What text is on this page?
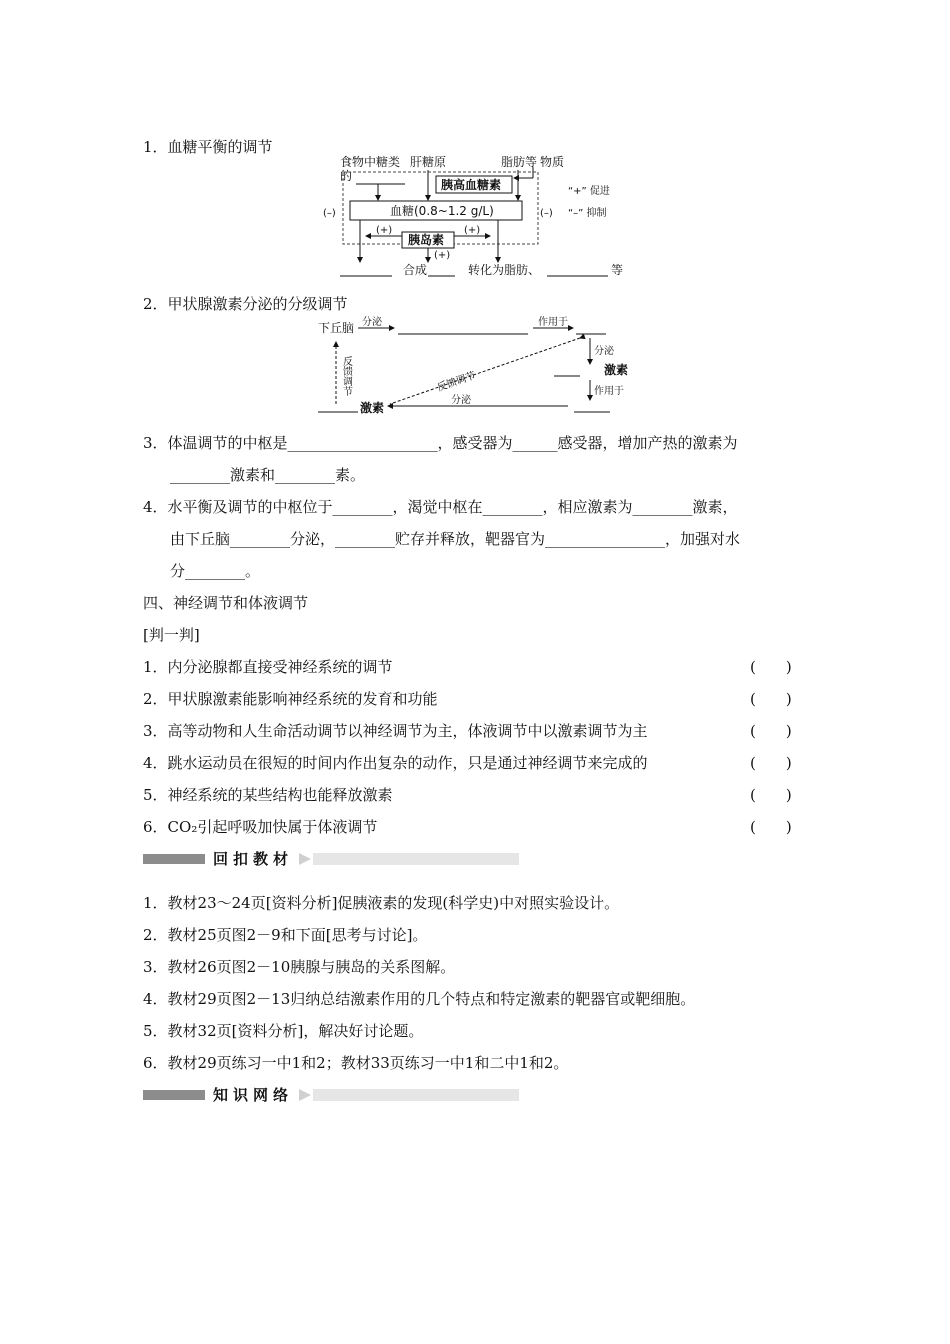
1．血糖平衡的调节
食物中糖类
的
肝糖原	脂肪等 物质
胰高血糖素
血糖(0.8~1.2 g/L)
(–)	(–)
“+” 促进
“–” 抑制
胰岛素
(+)	(+)
(+)
合成	转化为脂肪、	等
2．甲状腺激素分泌的分级调节
下丘脑 分泌	作用于
分泌
激素
作用于
分泌
激素
反馈调节
反馈调节
3．体温调节的中枢是____________________，感受器为______感受器，增加产热的激素为
________激素和________素。
4．水平衡及调节的中枢位于________，渴觉中枢在________，相应激素为________激素，
由下丘脑________分泌，________贮存并释放，靶器官为________________，加强对水
分________。
四、神经调节和体液调节
[判一判]
1．内分泌腺都直接受神经系统的调节	(　　)
2．甲状腺激素能影响神经系统的发育和功能	(　　)
3．高等动物和人生命活动调节以神经调节为主，体液调节中以激素调节为主	(　　)
4．跳水运动员在很短的时间内作出复杂的动作，只是通过神经调节来完成的	(　　)
5．神经系统的某些结构也能释放激素	(　　)
6．CO₂引起呼吸加快属于体液调节	(　　)
回扣教材
1．教材23～24页[资料分析]促胰液素的发现(科学史)中对照实验设计。
2．教材25页图2－9和下面[思考与讨论]。
3．教材26页图2－10胰腺与胰岛的关系图解。
4．教材29页图2－13归纳总结激素作用的几个特点和特定激素的靶器官或靶细胞。
5．教材32页[资料分析]，解决好讨论题。
6．教材29页练习一中1和2；教材33页练习一中1和二中1和2。
知识网络
